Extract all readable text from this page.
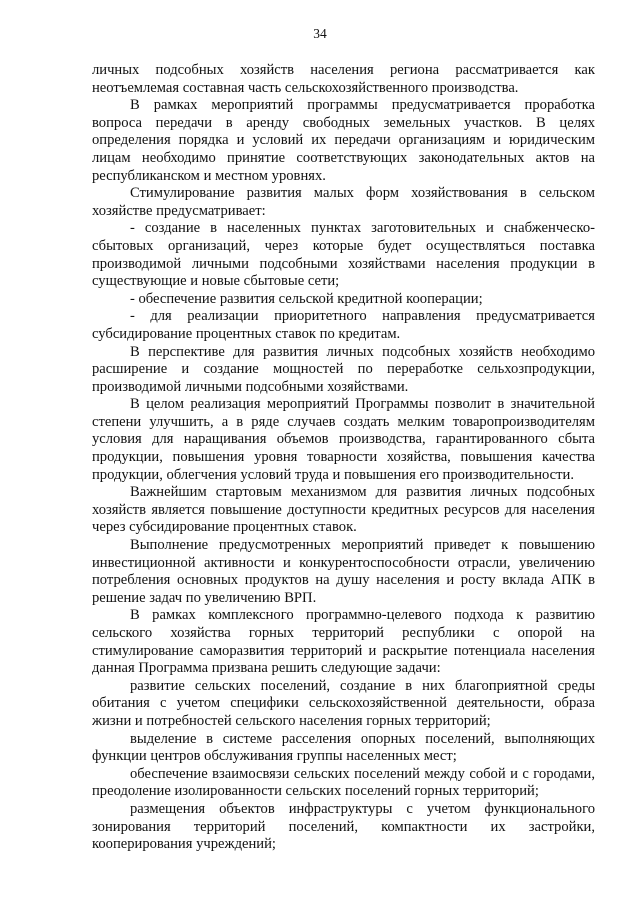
34

личных подсобных хозяйств населения региона рассматривается как неотъемлемая составная часть сельскохозяйственного производства.

В рамках мероприятий программы предусматривается проработка вопроса передачи в аренду свободных земельных участков. В целях определения порядка и условий их передачи организациям и юридическим лицам необходимо принятие соответствующих законодательных актов на республиканском и местном уровнях.

Стимулирование развития малых форм хозяйствования в сельском хозяйстве предусматривает:

- создание в населенных пунктах заготовительных и снабженческо-сбытовых организаций, через которые будет осуществляться поставка производимой личными подсобными хозяйствами населения продукции в существующие и новые сбытовые сети;

- обеспечение развития сельской кредитной кооперации;

- для реализации приоритетного направления предусматривается субсидирование процентных ставок по кредитам.

В перспективе для развития личных подсобных хозяйств необходимо расширение и создание мощностей по переработке сельхозпродукции, производимой личными подсобными хозяйствами.

В целом реализация мероприятий Программы позволит в значительной степени улучшить, а в ряде случаев создать мелким товаропроизводителям условия для наращивания объемов производства, гарантированного сбыта продукции, повышения уровня товарности хозяйства, повышения качества продукции, облегчения условий труда и повышения его производительности.

Важнейшим стартовым механизмом для развития личных подсобных хозяйств является повышение доступности кредитных ресурсов для населения через субсидирование процентных ставок.

Выполнение предусмотренных мероприятий приведет к повышению инвестиционной активности и конкурентоспособности отрасли, увеличению потребления основных продуктов на душу населения и росту вклада АПК в решение задач по увеличению ВРП.

В рамках комплексного программно-целевого подхода к развитию сельского хозяйства горных территорий республики с опорой на стимулирование саморазвития территорий и раскрытие потенциала населения данная Программа призвана решить следующие задачи:

развитие сельских поселений, создание в них благоприятной среды обитания с учетом специфики сельскохозяйственной деятельности, образа жизни и потребностей сельского населения горных территорий;

выделение в системе расселения опорных поселений, выполняющих функции центров обслуживания группы населенных мест;

обеспечение взаимосвязи сельских поселений между собой и с городами, преодоление изолированности сельских поселений горных территорий;

размещения объектов инфраструктуры с учетом функционального зонирования территорий поселений, компактности их застройки, кооперирования учреждений;
